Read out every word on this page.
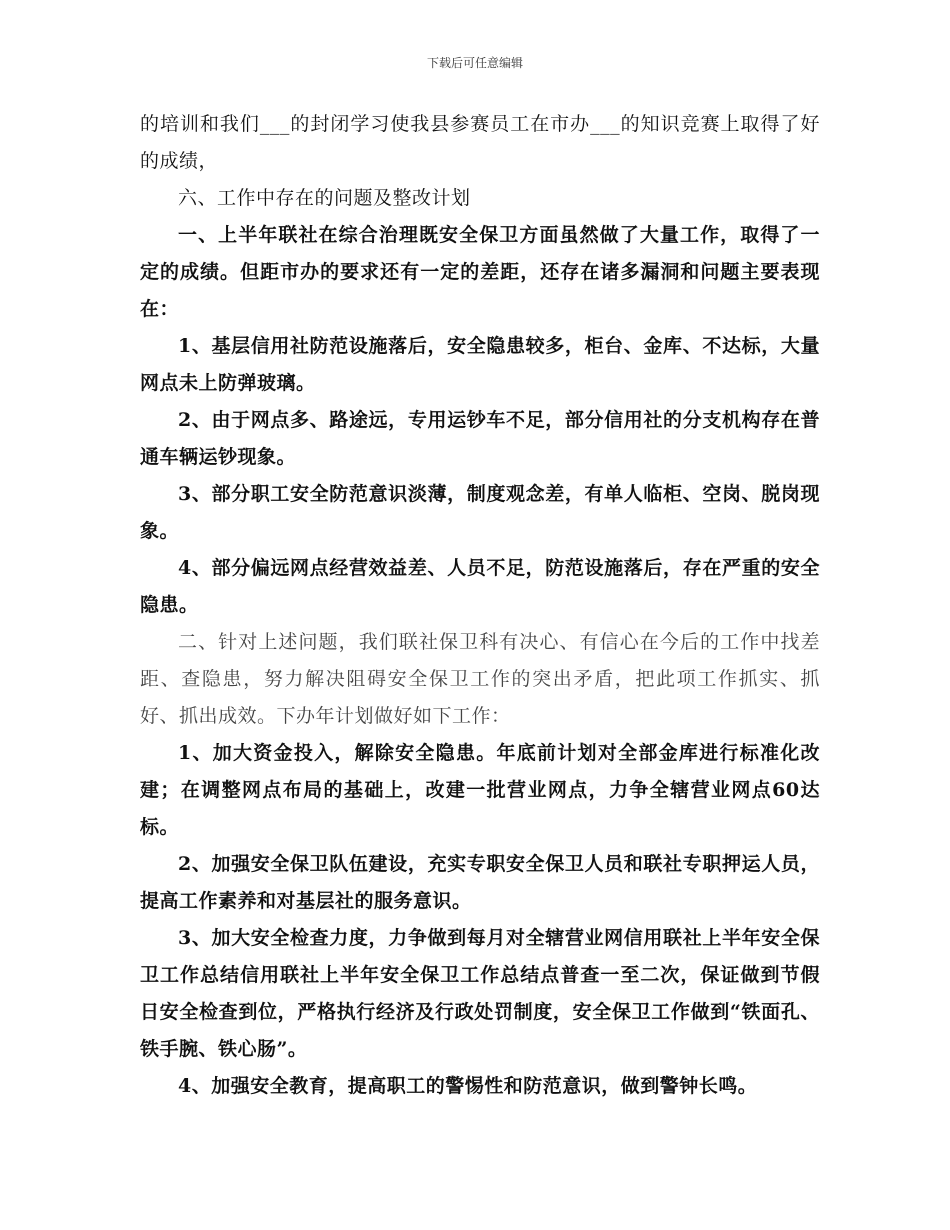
下载后可任意编辑

的培训和我们___的封闭学习使我县参赛员工在市办___的知识竞赛上取得了好的成绩，

六、工作中存在的问题及整改计划

一、上半年联社在综合治理既安全保卫方面虽然做了大量工作，取得了一定的成绩。但距市办的要求还有一定的差距，还存在诸多漏洞和问题主要表现在：

1、基层信用社防范设施落后，安全隐患较多，柜台、金库、不达标，大量网点未上防弹玻璃。

2、由于网点多、路途远，专用运钞车不足，部分信用社的分支机构存在普通车辆运钞现象。

3、部分职工安全防范意识淡薄，制度观念差，有单人临柜、空岗、脱岗现象。

4、部分偏远网点经营效益差、人员不足，防范设施落后，存在严重的安全隐患。

二、针对上述问题，我们联社保卫科有决心、有信心在今后的工作中找差距、查隐患，努力解决阻碍安全保卫工作的突出矛盾，把此项工作抓实、抓好、抓出成效。下办年计划做好如下工作：

1、加大资金投入，解除安全隐患。年底前计划对全部金库进行标准化改建；在调整网点布局的基础上，改建一批营业网点，力争全辖营业网点60达标。

2、加强安全保卫队伍建设，充实专职安全保卫人员和联社专职押运人员，提高工作素养和对基层社的服务意识。

3、加大安全检查力度，力争做到每月对全辖营业网信用联社上半年安全保卫工作总结信用联社上半年安全保卫工作总结点普查一至二次，保证做到节假日安全检查到位，严格执行经济及行政处罚制度，安全保卫工作做到“铁面孔、铁手腕、铁心肠”。

4、加强安全教育，提高职工的警惕性和防范意识，做到警钟长鸣。
